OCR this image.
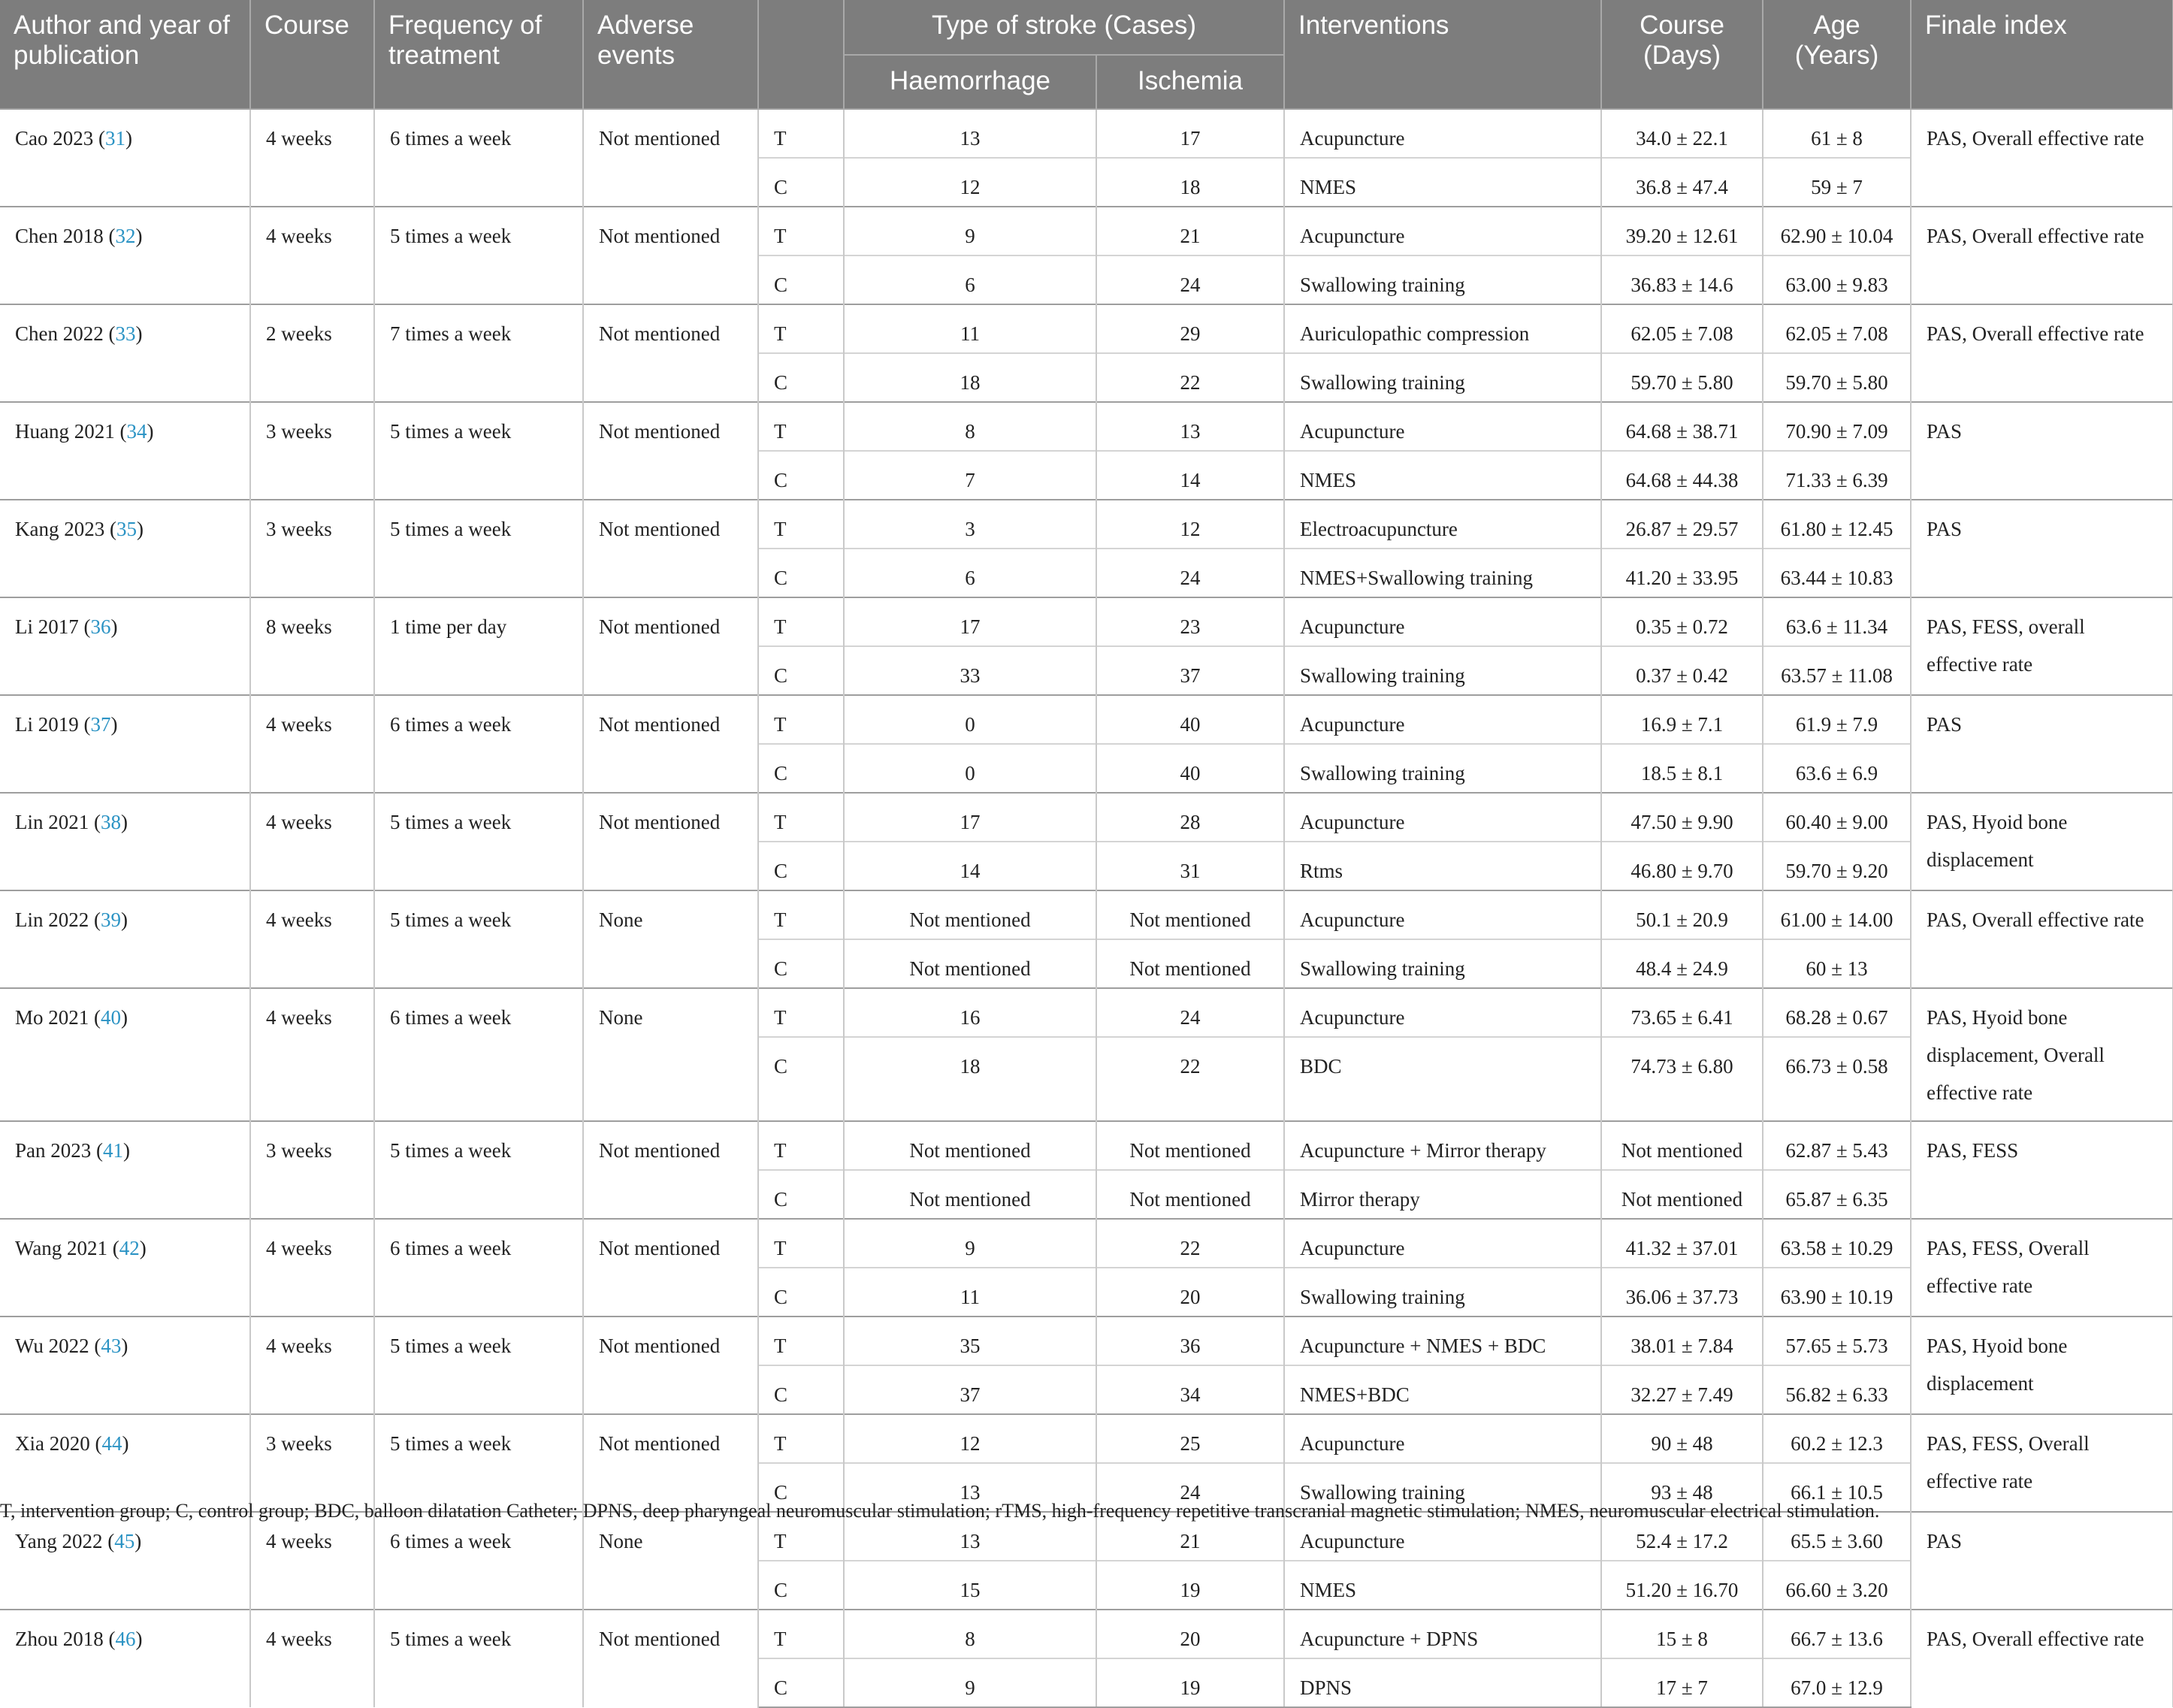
Author and year of publication	Course	Frequency of treatment	Adverse events		Type of stroke (Cases)		Interventions	Course (Days)	Age (Years)	Finale index
					Haemorrhage	Ischemia				
Cao 2023 (31)	4 weeks	6 times a week	Not mentioned	T	13	17	Acupuncture	34.0 ± 22.1	61 ± 8	PAS, Overall effective rate
				C	12	18	NMES	36.8 ± 47.4	59 ± 7	
Chen 2018 (32)	4 weeks	5 times a week	Not mentioned	T	9	21	Acupuncture	39.20 ± 12.61	62.90 ± 10.04	PAS, Overall effective rate
				C	6	24	Swallowing training	36.83 ± 14.6	63.00 ± 9.83	
Chen 2022 (33)	2 weeks	7 times a week	Not mentioned	T	11	29	Auriculopathic compression	62.05 ± 7.08	62.05 ± 7.08	PAS, Overall effective rate
				C	18	22	Swallowing training	59.70 ± 5.80	59.70 ± 5.80	
Huang 2021 (34)	3 weeks	5 times a week	Not mentioned	T	8	13	Acupuncture	64.68 ± 38.71	70.90 ± 7.09	PAS
				C	7	14	NMES	64.68 ± 44.38	71.33 ± 6.39	
Kang 2023 (35)	3 weeks	5 times a week	Not mentioned	T	3	12	Electroacupuncture	26.87 ± 29.57	61.80 ± 12.45	PAS
				C	6	24	NMES+Swallowing training	41.20 ± 33.95	63.44 ± 10.83	
Li 2017 (36)	8 weeks	1 time per day	Not mentioned	T	17	23	Acupuncture	0.35 ± 0.72	63.6 ± 11.34	PAS, FESS, overall effective rate
				C	33	37	Swallowing training	0.37 ± 0.42	63.57 ± 11.08	
Li 2019 (37)	4 weeks	6 times a week	Not mentioned	T	0	40	Acupuncture	16.9 ± 7.1	61.9 ± 7.9	PAS
				C	0	40	Swallowing training	18.5 ± 8.1	63.6 ± 6.9	
Lin 2021 (38)	4 weeks	5 times a week	Not mentioned	T	17	28	Acupuncture	47.50 ± 9.90	60.40 ± 9.00	PAS, Hyoid bone displacement
				C	14	31	Rtms	46.80 ± 9.70	59.70 ± 9.20	
Lin 2022 (39)	4 weeks	5 times a week	None	T	Not mentioned	Not mentioned	Acupuncture	50.1 ± 20.9	61.00 ± 14.00	PAS, Overall effective rate
				C	Not mentioned	Not mentioned	Swallowing training	48.4 ± 24.9	60 ± 13	
Mo 2021 (40)	4 weeks	6 times a week	None	T	16	24	Acupuncture	73.65 ± 6.41	68.28 ± 0.67	PAS, Hyoid bone displacement, Overall effective rate
				C	18	22	BDC	74.73 ± 6.80	66.73 ± 0.58	
Pan 2023 (41)	3 weeks	5 times a week	Not mentioned	T	Not mentioned	Not mentioned	Acupuncture + Mirror therapy	Not mentioned	62.87 ± 5.43	PAS, FESS
				C	Not mentioned	Not mentioned	Mirror therapy	Not mentioned	65.87 ± 6.35	
Wang 2021 (42)	4 weeks	6 times a week	Not mentioned	T	9	22	Acupuncture	41.32 ± 37.01	63.58 ± 10.29	PAS, FESS, Overall effective rate
				C	11	20	Swallowing training	36.06 ± 37.73	63.90 ± 10.19	
Wu 2022 (43)	4 weeks	5 times a week	Not mentioned	T	35	36	Acupuncture + NMES + BDC	38.01 ± 7.84	57.65 ± 5.73	PAS, Hyoid bone displacement
				C	37	34	NMES+BDC	32.27 ± 7.49	56.82 ± 6.33	
Xia 2020 (44)	3 weeks	5 times a week	Not mentioned	T	12	25	Acupuncture	90 ± 48	60.2 ± 12.3	PAS, FESS, Overall effective rate
				C	13	24	Swallowing training	93 ± 48	66.1 ± 10.5	
Yang 2022 (45)	4 weeks	6 times a week	None	T	13	21	Acupuncture	52.4 ± 17.2	65.5 ± 3.60	PAS
				C	15	19	NMES	51.20 ± 16.70	66.60 ± 3.20	
Zhou 2018 (46)	4 weeks	5 times a week	Not mentioned	T	8	20	Acupuncture + DPNS	15 ± 8	66.7 ± 13.6	PAS, Overall effective rate
				C	9	19	DPNS	17 ± 7	67.0 ± 12.9	
T, intervention group; C, control group; BDC, balloon dilatation Catheter; DPNS, deep pharyngeal neuromuscular stimulation; rTMS, high-frequency repetitive transcranial magnetic stimulation; NMES, neuromuscular electrical stimulation.
